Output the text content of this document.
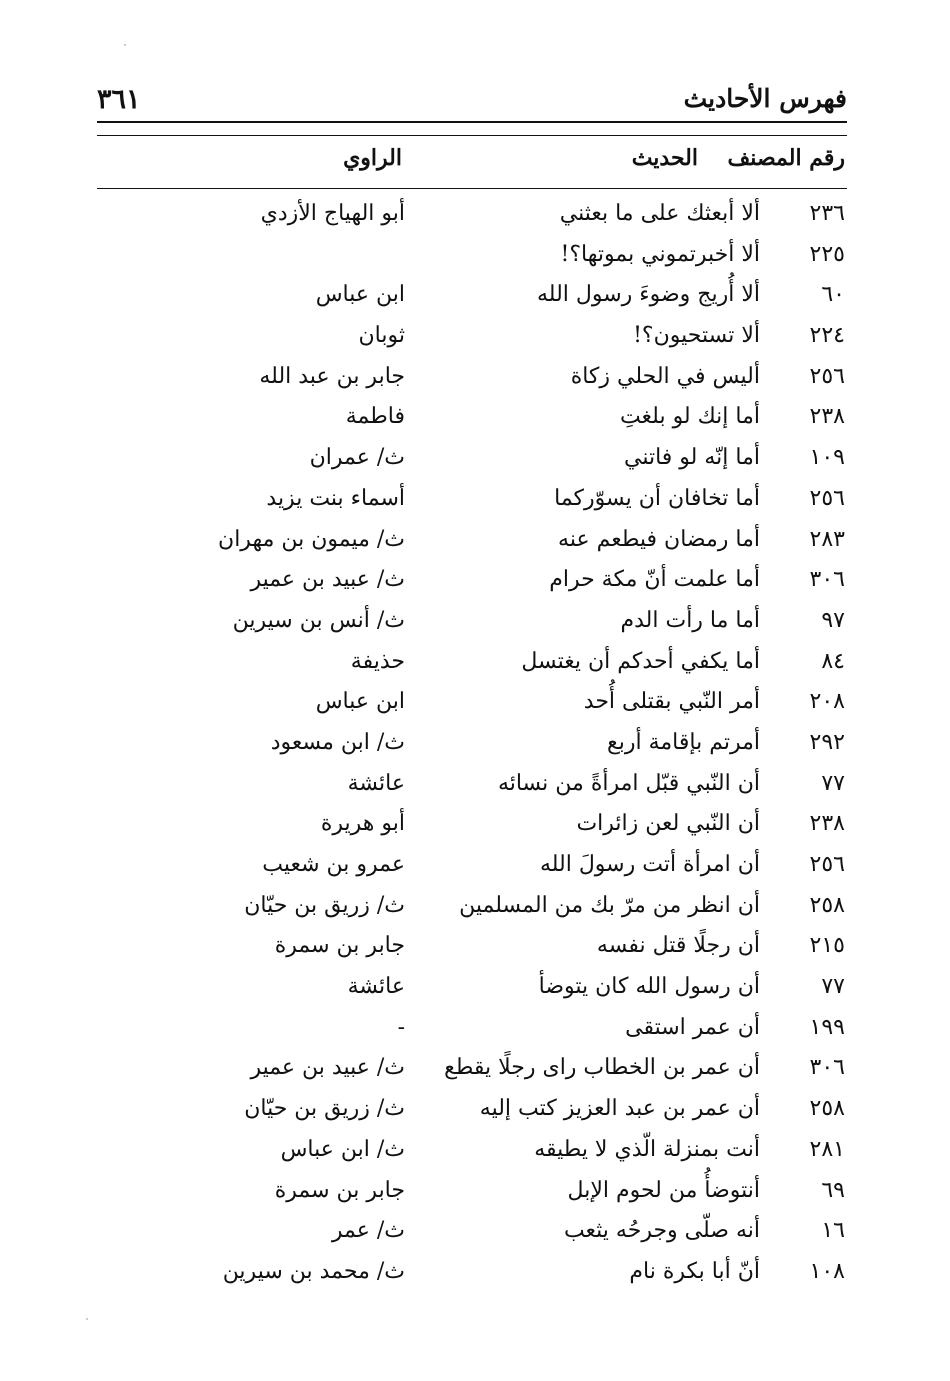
٣٦١	فهرس الأحاديث
رقم المصنف
الحديث
الراوي
٢٣٦
ألا أبعثك على ما بعثني
أبو الهياج الأزدي
٢٢٥
ألا أخبرتموني بموتها؟!
٦٠
ألا أُريج وضوءَ رسول الله
ابن عباس
٢٢٤
ألا تستحيون؟!
ثوبان
٢٥٦
أليس في الحلي زكاة
جابر بن عبد الله
٢٣٨
أما إنك لو بلغتِ
فاطمة
١٠٩
أما إنّه لو فاتني
ث/ عمران
٢٥٦
أما تخافان أن يسوّركما
أسماء بنت يزيد
٢٨٣
أما رمضان فيطعم عنه
ث/ ميمون بن مهران
٣٠٦
أما علمت أنّ مكة حرام
ث/ عبيد بن عمير
٩٧
أما ما رأت الدم
ث/ أنس بن سيرين
٨٤
أما يكفي أحدكم أن يغتسل
حذيفة
٢٠٨
أمر النّبي بقتلى أُحد
ابن عباس
٢٩٢
أمرتم بإقامة أربع
ث/ ابن مسعود
٧٧
أن النّبي قبّل امرأةً من نسائه
عائشة
٢٣٨
أن النّبي لعن زائرات
أبو هريرة
٢٥٦
أن امرأة أتت رسولَ الله
عمرو بن شعيب
٢٥٨
أن انظر من مرّ بك من المسلمين
ث/ زريق بن حيّان
٢١٥
أن رجلًا قتل نفسه
جابر بن سمرة
٧٧
أن رسول الله كان يتوضأ
عائشة
١٩٩
أن عمر استقى
-
٣٠٦
أن عمر بن الخطاب راى رجلًا يقطع
ث/ عبيد بن عمير
٢٥٨
أن عمر بن عبد العزيز كتب إليه
ث/ زريق بن حيّان
٢٨١
أنت بمنزلة الّذي لا يطيقه
ث/ ابن عباس
٦٩
أنتوضأُ من لحوم الإبل
جابر بن سمرة
١٦
أنه صلّى وجرحُه يثعب
ث/ عمر
١٠٨
أنّ أبا بكرة نام
ث/ محمد بن سيرين
